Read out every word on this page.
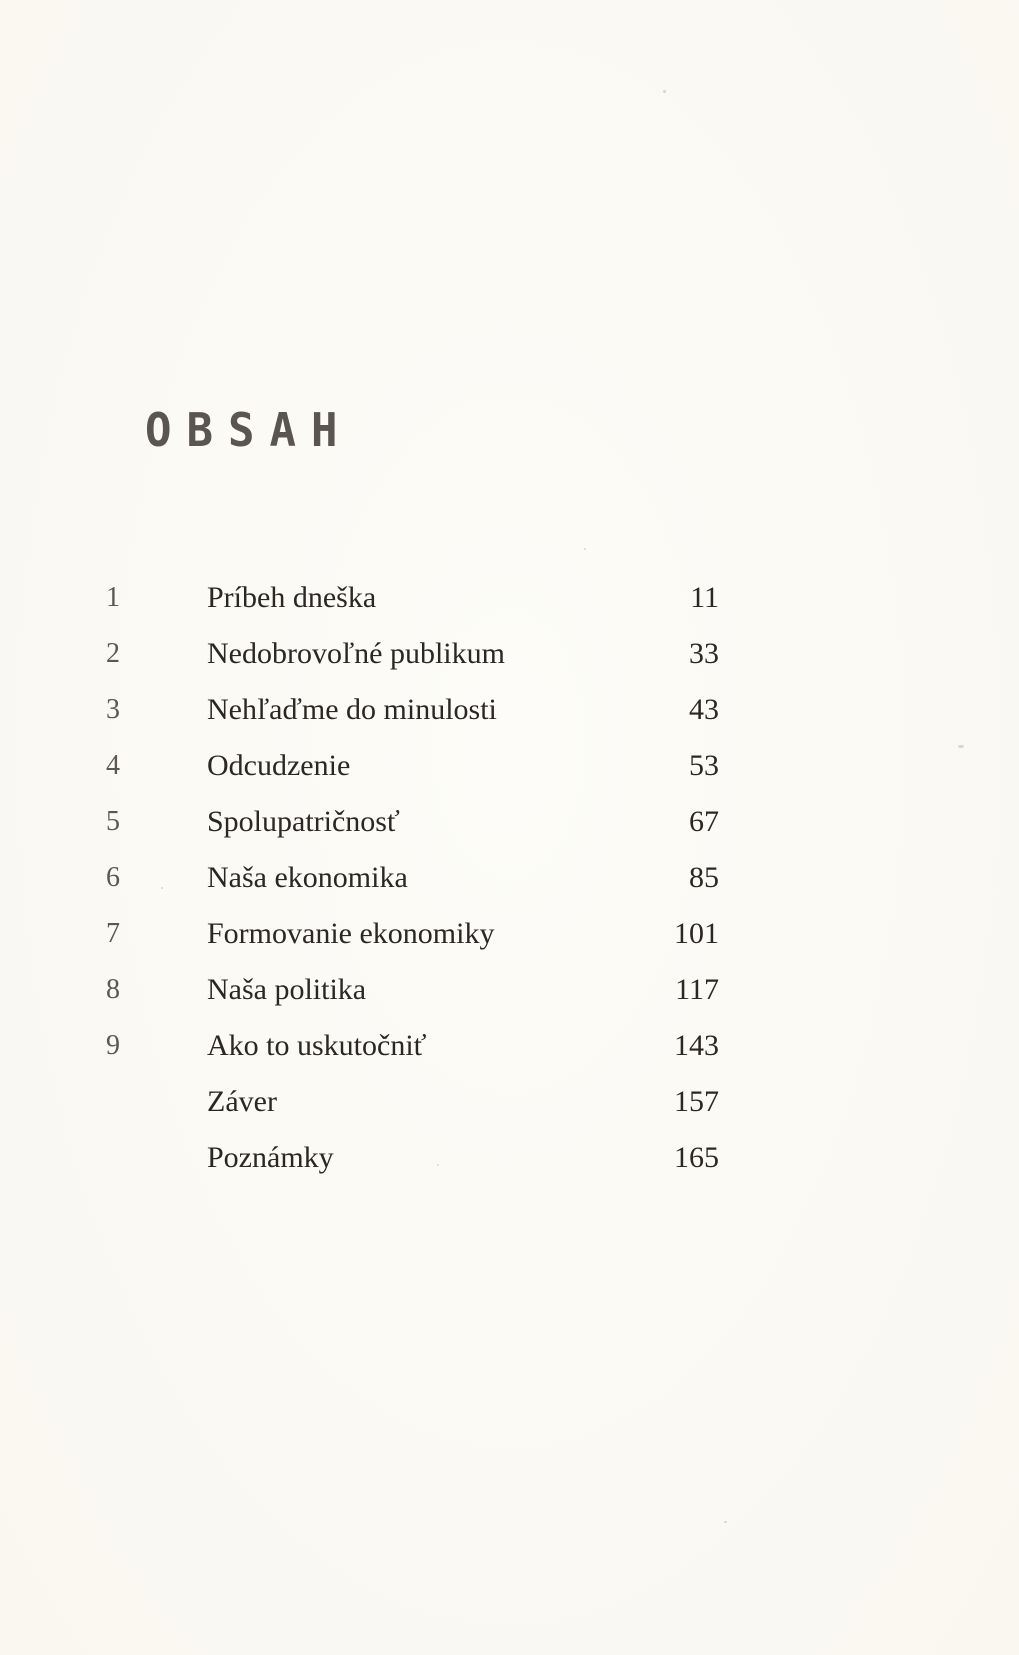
OBSAH
1	Príbeh dneška	11
2	Nedobrovoľné publikum	33
3	Nehľaďme do minulosti	43
4	Odcudzenie	53
5	Spolupatričnosť	67
6	Naša ekonomika	85
7	Formovanie ekonomiky	101
8	Naša politika	117
9	Ako to uskutočniť	143
Záver	157
Poznámky	165
